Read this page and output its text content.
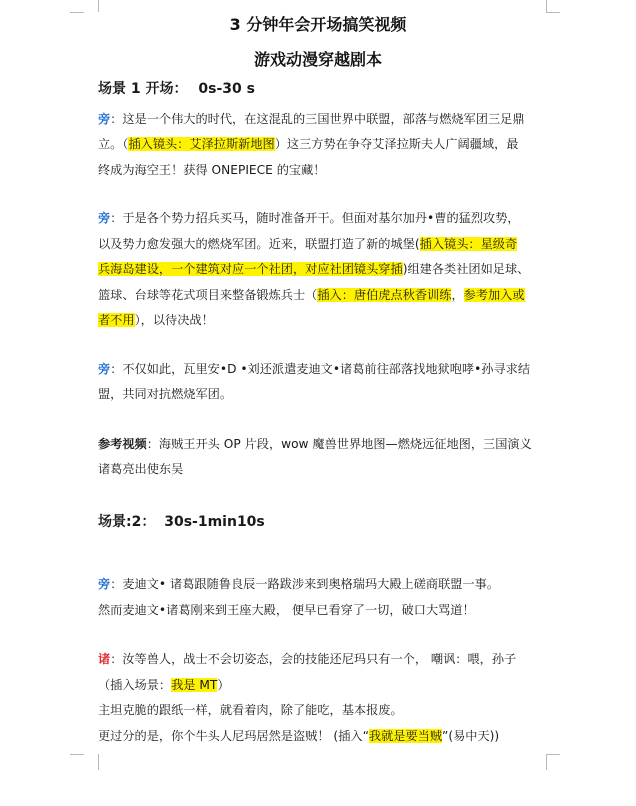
3 分钟年会开场搞笑视频
游戏动漫穿越剧本
场景 1 开场： 0s-30 s
旁：这是一个伟大的时代，在这混乱的三国世界中联盟，部落与燃烧军团三足鼎
立。（插入镜头：艾泽拉斯新地图）这三方势在争夺艾泽拉斯夫人广阔疆域，最
终成为海空王！获得 ONEPIECE 的宝藏！
旁：于是各个势力招兵买马，随时准备开干。但面对基尔加丹•曹的猛烈攻势，
以及势力愈发强大的燃烧军团。近来，联盟打造了新的城堡(插入镜头：星级奇
兵海岛建设，一个建筑对应一个社团，对应社团镜头穿插)组建各类社团如足球、
篮球、台球等花式项目来整备锻炼兵士（插入：唐伯虎点秋香训练，参考加入或
者不用），以待决战！
旁：不仅如此，瓦里安•D •刘还派遣麦迪文•诸葛前往部落找地狱咆哮•孙寻求结
盟，共同对抗燃烧军团。
参考视频：海贼王开头 OP 片段，wow 魔兽世界地图—燃烧远征地图，三国演义
诸葛亮出使东吴
场景:2： 30s-1min10s
旁：麦迪文• 诸葛跟随鲁良辰一路跋涉来到奥格瑞玛大殿上磋商联盟一事。
然而麦迪文•诸葛刚来到王座大殿， 便早已看穿了一切，破口大骂道！
诸：汝等兽人，战士不会切姿态，会的技能还尼玛只有一个， 嘲讽：喂，孙子
（插入场景：我是 MT）
主坦克脆的跟纸一样，就看着肉，除了能吃，基本报废。
更过分的是，你个牛头人尼玛居然是盗贼！ (插入“我就是要当贼”(易中天))
